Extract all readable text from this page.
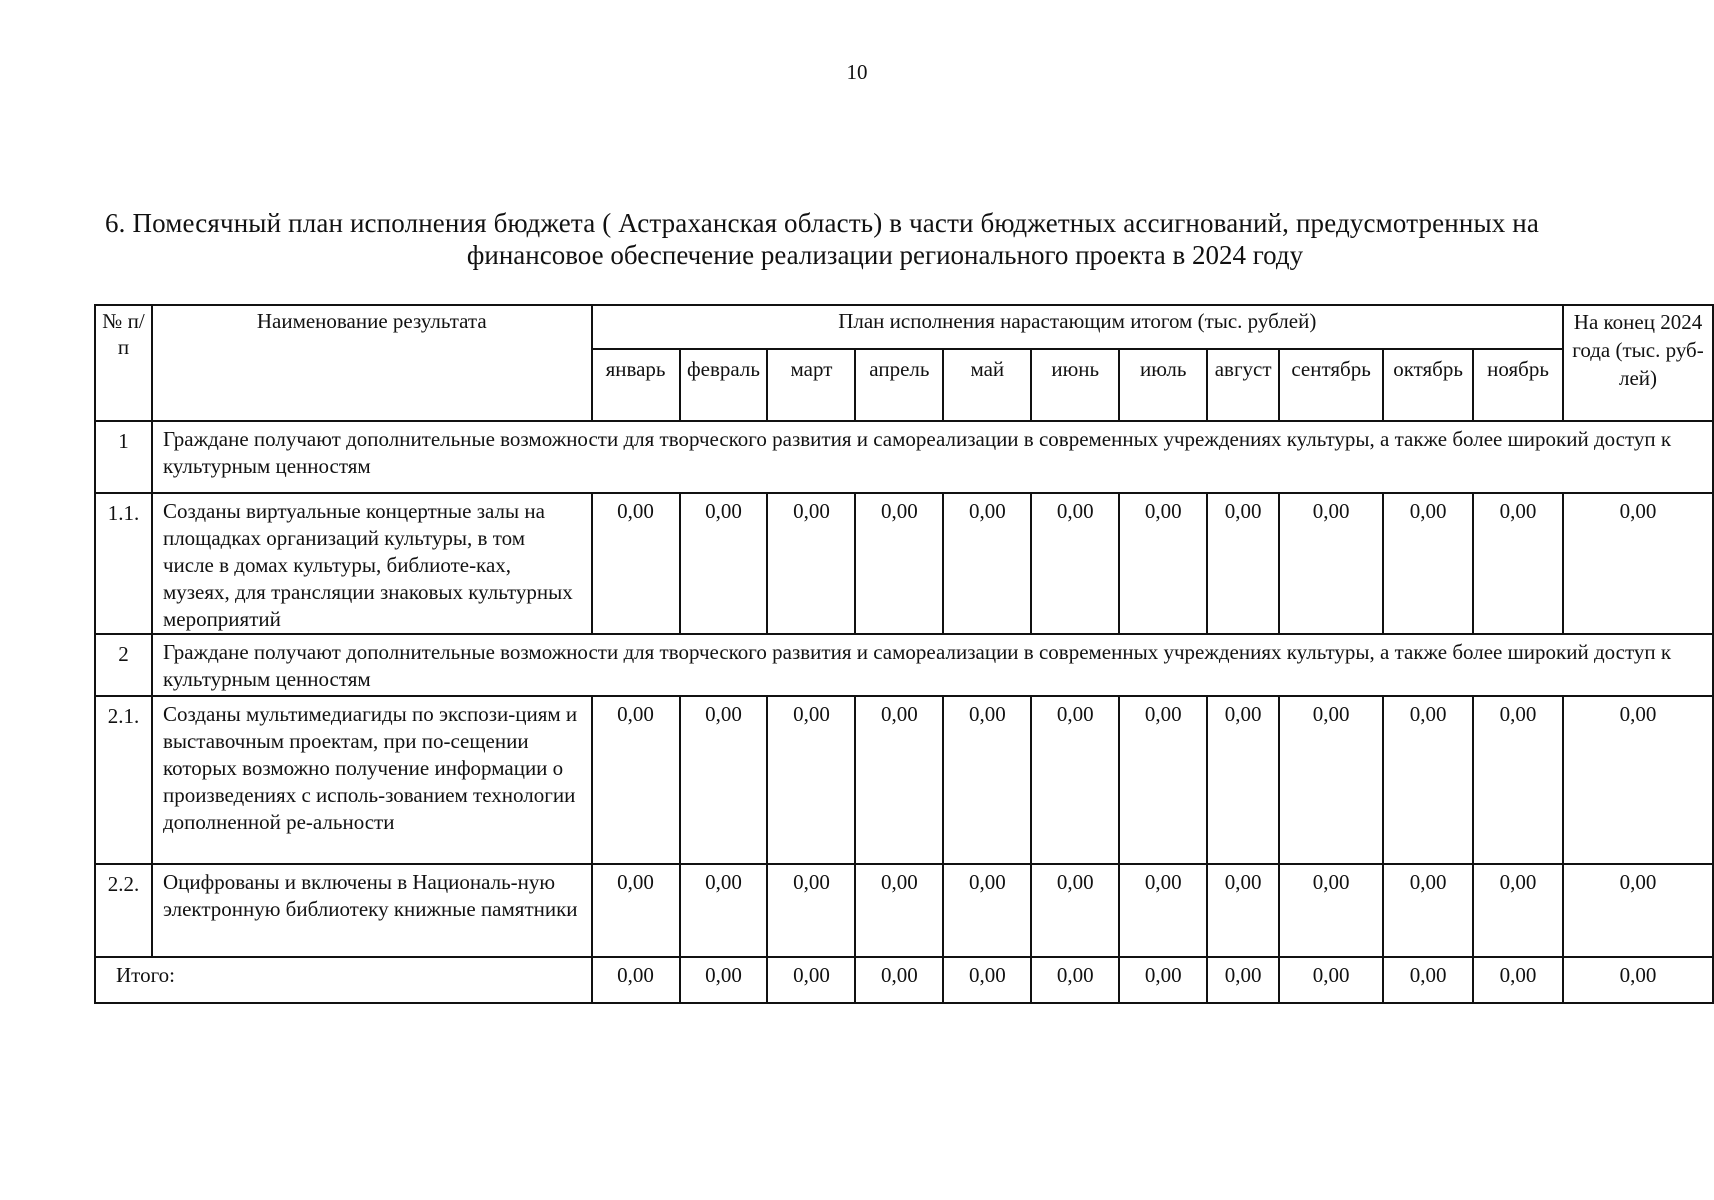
10
6. Помесячный план исполнения бюджета ( Астраханская область) в части бюджетных ассигнований, предусмотренных на
финансовое обеспечение реализации регионального проекта в 2024 году
№ п/п	Наименование результата	План исполнения нарастающим итогом (тыс. рублей)											На конец 2024 года (тыс. руб-лей)
		январь	февраль	март	апрель	май	июнь	июль	август	сентябрь	октябрь	ноябрь	
1	Граждане получают дополнительные возможности для творческого развития и самореализации в современных учреждениях культуры, а также более широкий доступ к культурным ценностям												
1.1.	Созданы виртуальные концертные залы на площадках организаций культуры, в том числе в домах культуры, библиоте-ках, музеях, для трансляции знаковых культурных мероприятий	0,00	0,00	0,00	0,00	0,00	0,00	0,00	0,00	0,00	0,00	0,00	0,00
2	Граждане получают дополнительные возможности для творческого развития и самореализации в современных учреждениях культуры, а также более широкий доступ к культурным ценностям												
2.1.	Созданы мультимедиагиды по экспози-циям и выставочным проектам, при по-сещении которых возможно получение информации о произведениях с исполь-зованием технологии дополненной ре-альности	0,00	0,00	0,00	0,00	0,00	0,00	0,00	0,00	0,00	0,00	0,00	0,00
2.2.	Оцифрованы и включены в Националь-ную электронную библиотеку книжные памятники	0,00	0,00	0,00	0,00	0,00	0,00	0,00	0,00	0,00	0,00	0,00	0,00
Итого:		0,00	0,00	0,00	0,00	0,00	0,00	0,00	0,00	0,00	0,00	0,00	0,00
